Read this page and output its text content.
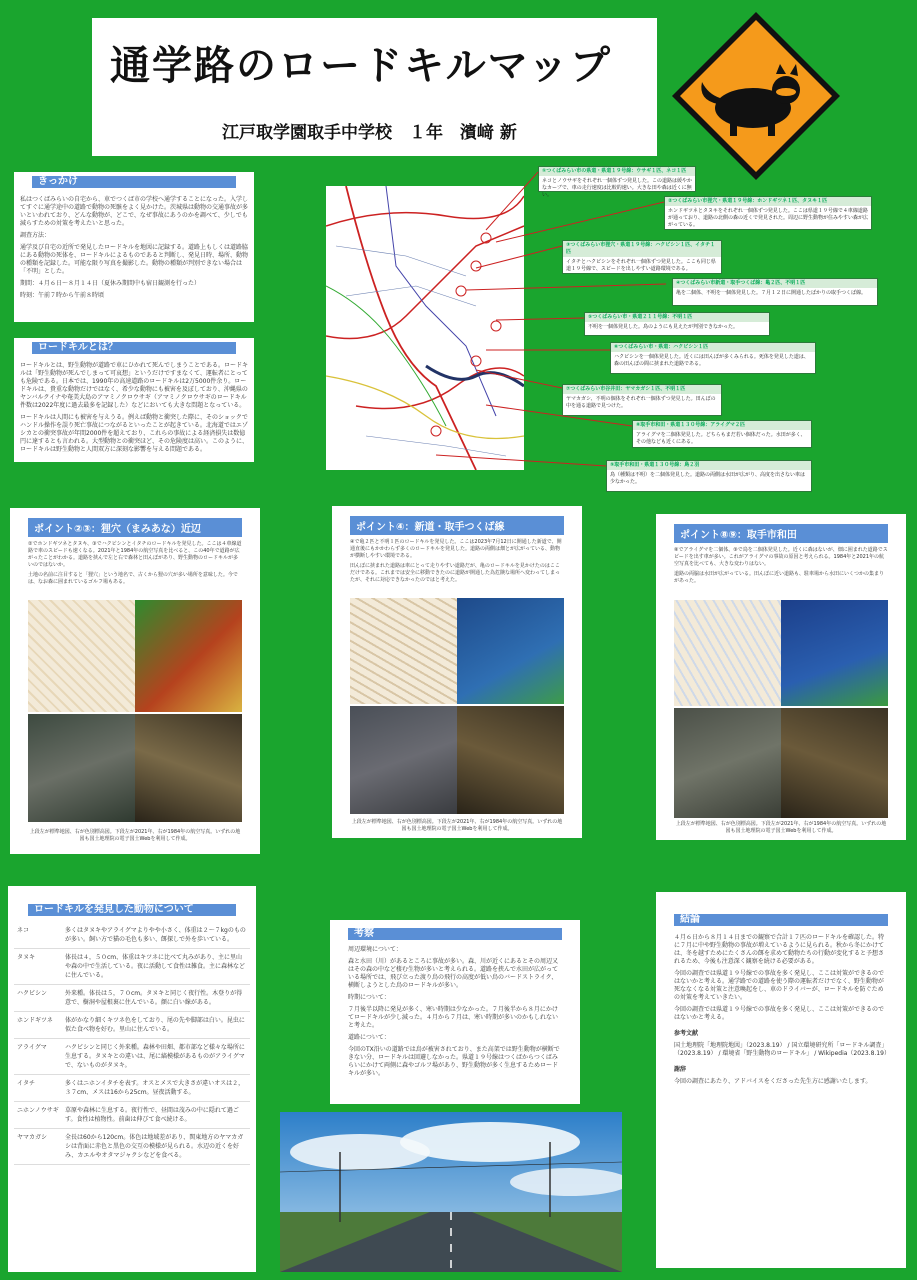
通学路のロードキルマップ
江戸取学園取手中学校　１年　濱﨑 新
きっかけ

私はつくばみらいの自宅から、車でつくば市の学校へ通学することになった。入学してすぐに通学途中の道路で動物の死骸をよく見かけた。茨城県は動物の交通事故が多いといわれており、どんな動物が、どこで、なぜ事故にあうのかを調べて、少しでも減らすための対策を考えたいと思った。

調査方法：

通学及び自宅の近所で発見したロードキルを地図に記録する。道路上もしくは道路脇にある動物の死体を、ロードキルによるものであると判断し、発見日時、場所、動物の種類を記録した。可能な限り写真を撮影した。動物の種類が判別できない場合は「不明」とした。

期間：４月６日〜８月１４日（夏休み期間中も宿日観測を行った）

時刻：午前７時から午前８時頃

ロードキルとは？

ロードキルとは、野生動物が道路で車にひかれて死んでしまうことである。ロードキルは「野生動物が死んでしまって可哀想」というだけですまなくて、運転者にとっても危険である。日本では、1990年の高速道路のロードキルは2万5000件余り。ロードキルは、貴重な動物だけではなく、希少な動物にも被害を及ぼしており、沖縄県のヤンバルクイナや奄美大島のアマミノクロウサギ（アマミノクロウサギのロードキル件数は2022年度に過去最多を記録した）などにおいても大きな問題となっている。

ロードキルは人間にも被害を与えうる。例えば動物と衝突した際に、そのショックでハンドル操作を誤り死亡事故につながるといったことが起きている。北海道ではエゾシカとの衝突事故が年間2000件を超えており、これらの事故による経済損失は数億円に達するとも言われる。大型動物との衝突ほど、その危険度は高い。このように、ロードキルは野生動物と人間双方に深刻な影響を与える問題である。

①つくばみらい市の県道・県道１９号線：ウサギ１匹、ネコ１匹
ネコとノウサギをそれぞれ一個体ずつ発見した。この道路は緩やかなカーブで、車の走行速度は比較的速い。大きな田や森は近くに無い。
②つくばみらい市狸穴・県道１９号線：ホンドギツネ１匹、タヌキ１匹
ホンドギツネとタヌキをそれぞれ一個体ずつ発見した。ここは県道１９号線で４車線道路が通っており、道路の北側の森の近くで発見された。周辺に野生動物が住みやすい森が広がっている。
③つくばみらい市狸穴・県道１９号線：ハクビシン１匹、イタチ１匹
イタチとハクビシンをそれぞれ一個体ずつ発見した。ここも同じ県道１９号線で、スピードを出しやすい道路環境である。
④つくばみらい市新道・取手つくば線：亀２匹、不明１匹
亀を二個体、不明を一個体発見した。７月１２日に開通したばかりの取手つくば線。
⑤つくばみらい市・県道２１１号線：不明１匹
不明を一個体発見した。鳥のようにも見えたが判別できなかった。
⑥つくばみらい市・県道：ハクビシン１匹
ハクビシンを一個体発見した。近くには田んぼが多くみられる。死体を発見した道は、森の田んぼの間に挟まれた道路である。
⑦つくばみらい市谷井田：ヤマカガシ１匹、不明１匹
ヤマカガシ、不明の個体をそれぞれ一個体ずつ発見した。田んぼの中を通る道路で見つけた。
⑧取手市和田・県道１３０号線：アライグマ２匹
アライグマを二個体発見した。どちらもまだ若い個体だった。水田が多く、その他なども近くにある。
⑨取手市和田・県道１３０号線：鳥２羽
鳥（種類は不明）を二個体発見した。道路の両側は水田が広がり、高度を出さない車は少なかった。
ポイント②③：狸穴（まみあな）近辺
②でホンドギツネとタヌキ、③でハクビシンとイタチのロードキルを発見した。ここは４車線道路で車のスピードも速くなる。2021年と1984年の航空写真を比べると、この40年で道路が広がったことがわかる。道路を挟んで左と右で森林と田んぼがあり、野生動物のロードキルが多いのではないか。
土地の名前に注目すると「狸穴」という地名で、古くから狸の穴が多い場所を意味した。今では、なお森に囲まれているゴルフ場もある。
上段左が標準地図、右が色別標高図。下段左が2021年、右が1984年の航空写真。いずれの地図も国土地理院の電子国土Webを利用して作成。
ポイント④：新道・取手つくば線
④で亀２匹と不明１匹のロードキルを発見した。ここは2023年7月12日に開通した新道で、開通直後にもかかわらず多くのロードキルを発見した。道路の両側は畑とが広がっている、動物が横断しやすい環境である。
田んぼに挟まれた道路は車にとって走りやすい道路だが、亀のロードキルを見かけたのはここだけである。これまでは安全に移動できたのに道路が開通した為危険な場所へ変わってしまったが、それに対応できなかったのではと考えた。
上段左が標準地図、右が色別標高図。下段左が2021年、右が1984年の航空写真。いずれの地図も国土地理院の電子国土Webを利用して作成。
ポイント⑧⑨：取手市和田
⑧でアライグマを二個体、⑨で鳥を二個体発見した。近くに森はないが、畑に囲まれた道路でスピードを出す車が多い。これがアライグマの事故の原因と考えられる。1984年と2021年の航空写真を比べても、大きな変わりはない。
道路の両脇は水田が広がっている。田んぼに近い道路も、駐車場から水田にいくつかの集まりがあった。
上段左が標準地図、右が色別標高図。下段左が2021年、右が1984年の航空写真。いずれの地図も国土地理院の電子国土Webを利用して作成。
ロードキルを発見した動物について
ネコ	多くはタヌキやアライグマよりやや小さく、体重は２〜７kgのものが多い。飼い方で猫の毛色も多い、餌探しで外を歩いている。
タヌキ	体長は４，５０cm、体重はキツネに比べて丸みがあり、主に里山や森の中で生活している。夜に活動して食性は雑食。主に森林などに住んでいる。
ハクビシン	外来種。体長は５，７０cm。タヌキと同じく夜行性。木登りが得意で、樹洞や屋根裏に住んでいる。顔に白い線がある。
ホンドギツネ	体がかなり細くキツネ色をしており、尾の先や脚部は白い。昆虫に似た食べ物を好む。里山に住んでいる。
アライグマ	ハクビシンと同じく外来種。森林や田畑、都市部など様々な場所に生息する。タヌキとの違いは、尾に縞模様があるものがアライグマで、ないものがタヌキ。
イタチ	多くはニホンイタチを表す。オスとメスで大きさが違いオスは２，３７cm、メスは16から25cm。昼夜活動する。
ニホンノウサギ	草原や森林に生息する。夜行性で、昼間は茂みの中に隠れて過ごす。食性は植物性。前歯は伸びて食べ続ける。
ヤマカガシ	全長は60から120cm。体色は地域差があり、関東地方のヤマカガシは背面に赤色と黒色の交互の模様が見られる。水辺の近くを好み、カエルやオタマジャクシなどを食べる。
考察

周辺環境について：

森と水田（川）があるところに事故が多い。森、川が近くにあるとその周辺又はその森の中など棲む生物が多いと考えられる。道路を挟んで水田が広がっている場所では、飛び立った渡り鳥の飛行の高度が低い鳥のバードストライク、横断しようとした鳥のロードキルが多い。

時期について：

７月後半以降に発見が多く、寒い時期は少なかった。７月後半から８月にかけてロードキルが少し減った。４月から７月は、寒い時期が多いのかもしれないと考えた。

道路について：

今回のTX沿いの道路では鳥が被害されており、また高架では野生動物が横断できない分、ロードキルは回避しなかった。県道１９号線はつくばからつくばみらいにかけて両側に森やゴルフ場があり、野生動物が多く生息するためロードキルが多い。

結論

４月６日から８月１４日までの観察で合計１７匹のロードキルを確認した。特に７月に中や野生動物の事故が増えているように見られる。秋から冬にかけては、冬を越すためにたくさんの餌を求めて動物たちの行動が変化すると予想されるため、今後も注意深く観察を続ける必要がある。

今回の調査では県道１９号線での事故を多く発見し、ここは対策ができるのではないかと考える。通学路での道路を使う際の運転者だけでなく、野生動物が死ななくなる対策と注意喚起をし、車のドライバーが、ロードキルを防ぐための対策を考えていきたい。

今回の調査では県道１９号線での事故を多く発見し、ここは対策ができるのではないかと考える。

参考文献

国土地理院「地理院地図」（2023.8.19） / 国立環境研究所「ロードキル調査」（2023.8.19） / 環境省「野生動物のロードキル」 / Wikipedia（2023.8.19）

謝辞

今回の調査にあたり、アドバイスをくださった先生方に感謝いたします。
